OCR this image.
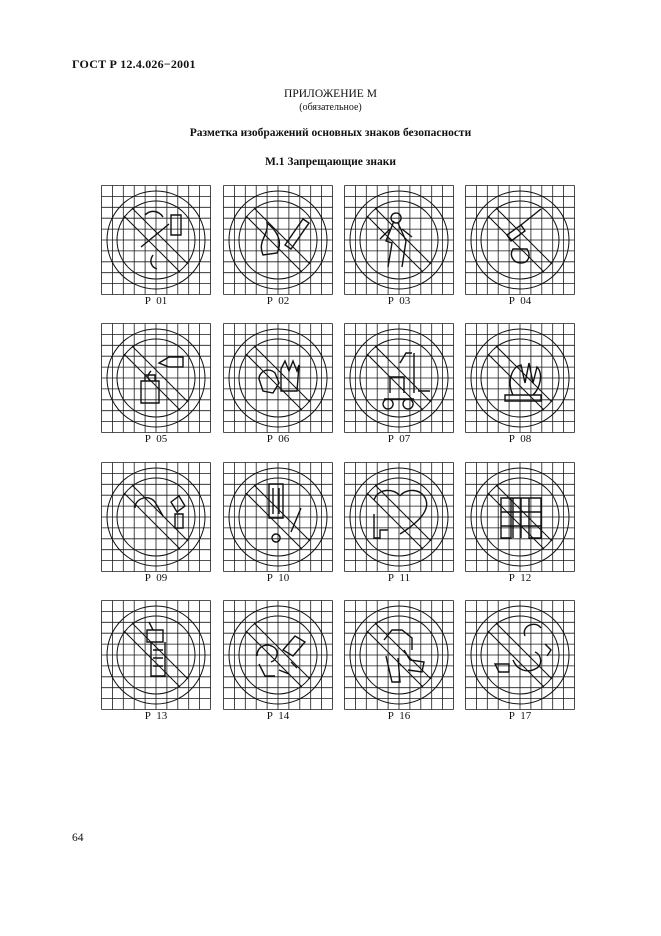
ГОСТ Р 12.4.026−2001
ПРИЛОЖЕНИЕ М
(обязательное)
Разметка изображений основных знаков безопасности
М.1 Запрещающие знаки
Р  01	Р  02	Р  03	Р  04
Р  05	Р  06	Р  07	Р  08
Р  09	Р  10	Р  11	Р  12
Р  13	Р  14	Р  16	Р  17
64
